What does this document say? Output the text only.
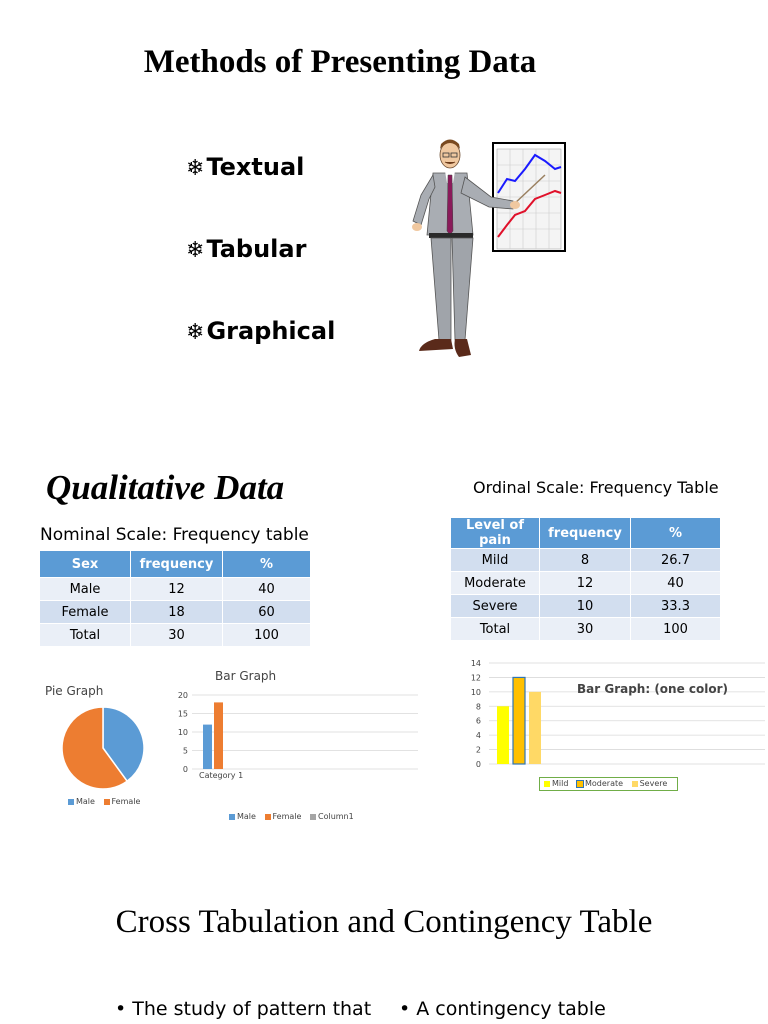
Methods of Presenting Data
❄Textual
❄Tabular
❄Graphical
Qualitative Data
Nominal Scale: Frequency table
Sex	frequency	%
Male	12	40
Female	18	60
Total	30	100
Ordinal Scale: Frequency Table
Level of pain	frequency	%
Mild	8	26.7
Moderate	12	40
Severe	10	33.3
Total	30	100
Pie Graph
Male
Female
Bar Graph
0
5
10
15
20
Category 1
Male
Female
Column1
0
2
4
6
8
10
12
14
Bar Graph: (one color)
Mild
Moderate
Severe
Cross Tabulation and Contingency Table
• The study of pattern that • A contingency table
